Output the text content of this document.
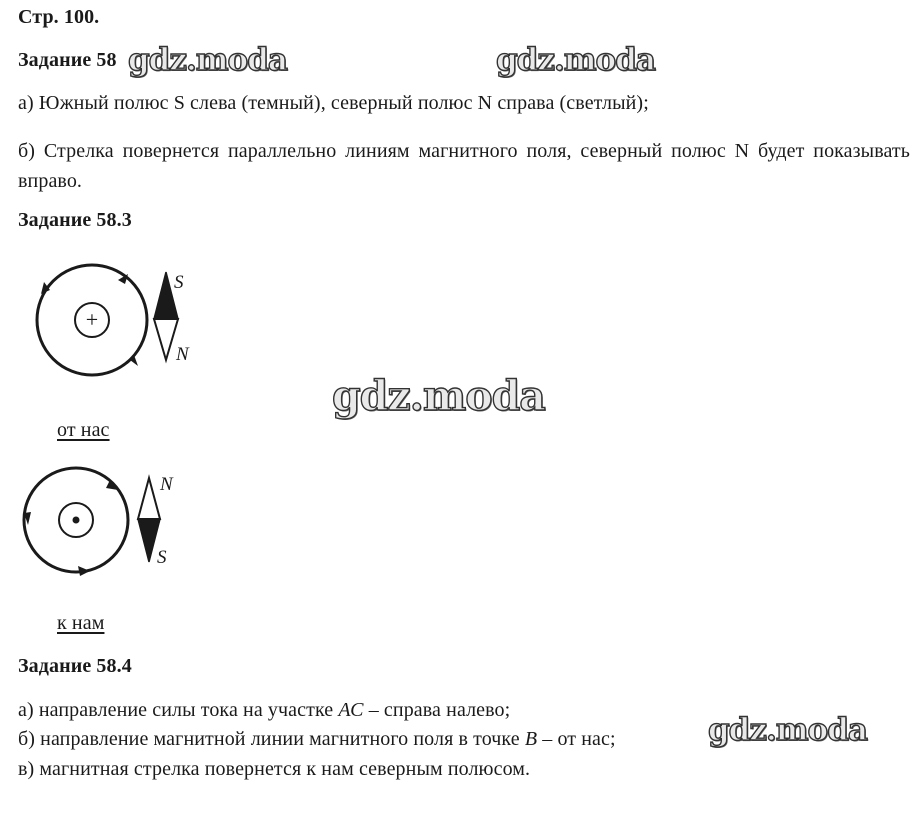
Стр. 100.
Задание 58
а) Южный полюс S слева (темный), северный полюс N справа (светлый);
б) Стрелка повернется параллельно линиям магнитного поля, северный полюс N будет показывать вправо.
Задание 58.3
+
S
N
от нас
N
S
к нам
Задание 58.4
а) направление силы тока на участке АС – справа налево;
б) направление магнитной линии магнитного поля в точке В – от нас;
в) магнитная стрелка повернется к нам северным полюсом.
gdz.moda	gdz.moda
gdz.moda
gdz.moda
